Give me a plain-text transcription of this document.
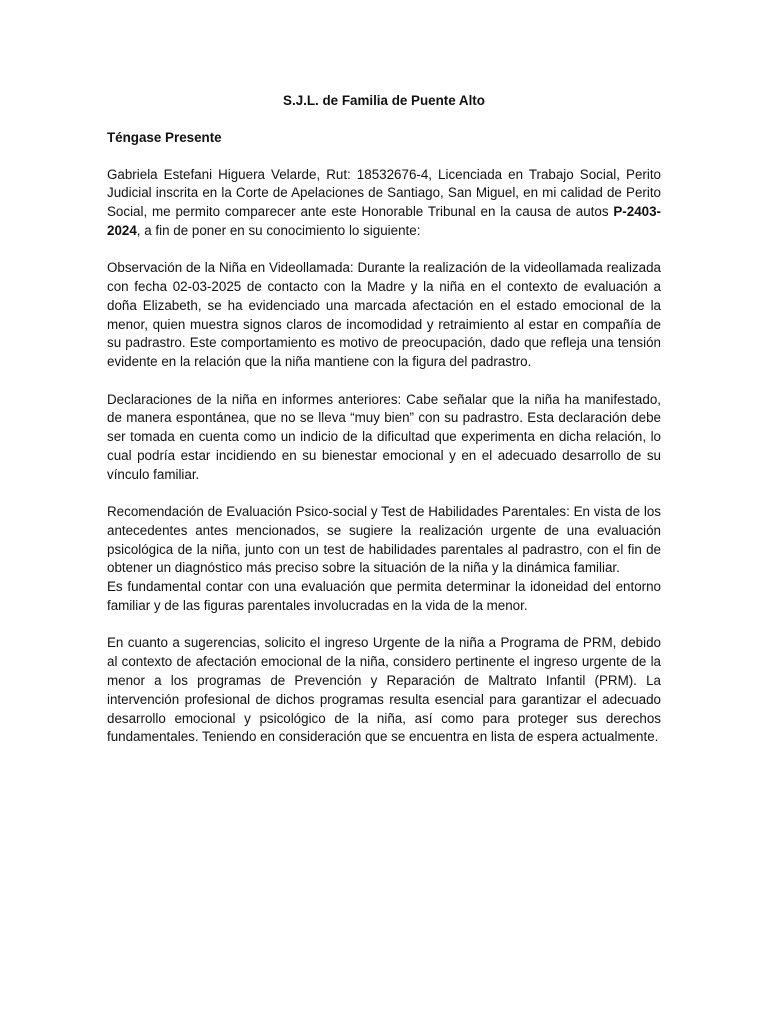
S.J.L. de Familia de Puente Alto
Téngase Presente

Gabriela Estefani Higuera Velarde, Rut: 18532676-4, Licenciada en Trabajo Social, Perito Judicial inscrita en la Corte de Apelaciones de Santiago, San Miguel, en mi calidad de Perito Social, me permito comparecer ante este Honorable Tribunal en la causa de autos P-2403-2024, a fin de poner en su conocimiento lo siguiente:

Observación de la Niña en Videollamada: Durante la realización de la videollamada realizada con fecha 02-03-2025 de contacto con la Madre y la niña en el contexto de evaluación a doña Elizabeth, se ha evidenciado una marcada afectación en el estado emocional de la menor, quien muestra signos claros de incomodidad y retraimiento al estar en compañía de su padrastro. Este comportamiento es motivo de preocupación, dado que refleja una tensión evidente en la relación que la niña mantiene con la figura del padrastro.

Declaraciones de la niña en informes anteriores: Cabe señalar que la niña ha manifestado, de manera espontánea, que no se lleva “muy bien” con su padrastro. Esta declaración debe ser tomada en cuenta como un indicio de la dificultad que experimenta en dicha relación, lo cual podría estar incidiendo en su bienestar emocional y en el adecuado desarrollo de su vínculo familiar.

Recomendación de Evaluación Psico-social y Test de Habilidades Parentales: En vista de los antecedentes antes mencionados, se sugiere la realización urgente de una evaluación psicológica de la niña, junto con un test de habilidades parentales al padrastro, con el fin de obtener un diagnóstico más preciso sobre la situación de la niña y la dinámica familiar.

Es fundamental contar con una evaluación que permita determinar la idoneidad del entorno familiar y de las figuras parentales involucradas en la vida de la menor.

En cuanto a sugerencias, solicito el ingreso Urgente de la niña a Programa de PRM, debido al contexto de afectación emocional de la niña, considero pertinente el ingreso urgente de la menor a los programas de Prevención y Reparación de Maltrato Infantil (PRM). La intervención profesional de dichos programas resulta esencial para garantizar el adecuado desarrollo emocional y psicológico de la niña, así como para proteger sus derechos fundamentales. Teniendo en consideración que se encuentra en lista de espera actualmente.
